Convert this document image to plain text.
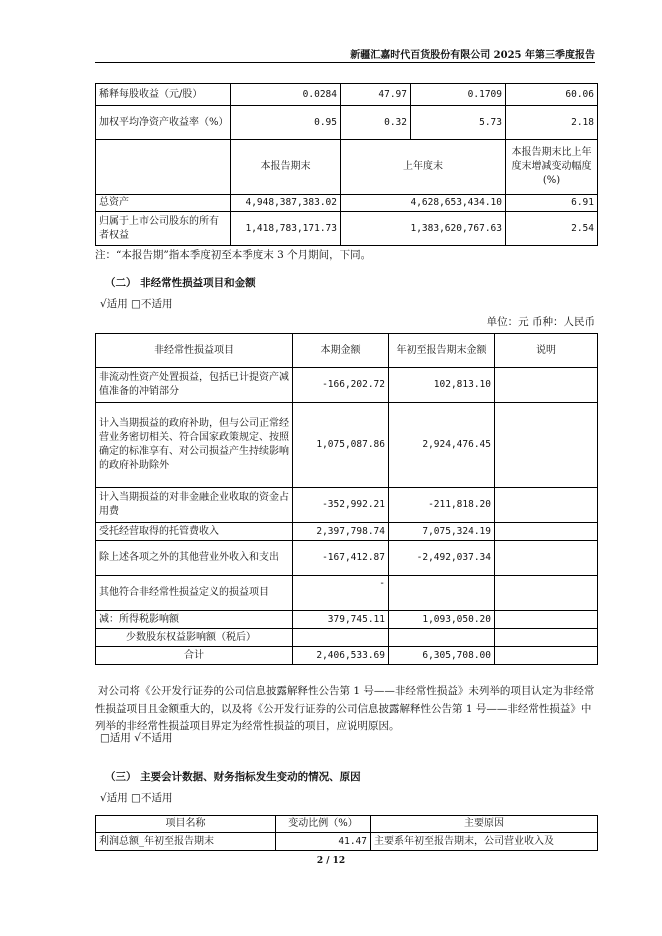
新疆汇嘉时代百货股份有限公司 2025 年第三季度报告
稀释每股收益（元/股）	0.0284	47.97	0.1709	60.06
加权平均净资产收益率（%）	0.95	0.32	5.73	2.18
	本报告期末	上年度末		本报告期末比上年度末增减变动幅度(%)
总资产	4,948,387,383.02	4,628,653,434.10		6.91
归属于上市公司股东的所有者权益	1,418,783,171.73	1,383,620,767.63		2.54
注：“本报告期”指本季度初至本季度末 3 个月期间，下同。
（二） 非经常性损益项目和金额
√适用 □不适用
单位：元 币种：人民币
非经常性损益项目	本期金额	年初至报告期末金额	说明
非流动性资产处置损益，包括已计提资产减值准备的冲销部分	-166,202.72	102,813.10	
计入当期损益的政府补助，但与公司正常经营业务密切相关、符合国家政策规定、按照确定的标准享有、对公司损益产生持续影响的政府补助除外	1,075,087.86	2,924,476.45	
计入当期损益的对非金融企业收取的资金占用费	-352,992.21	-211,818.20	
受托经营取得的托管费收入	2,397,798.74	7,075,324.19	
除上述各项之外的其他营业外收入和支出	-167,412.87	-2,492,037.34	
其他符合非经常性损益定义的损益项目	-		
减：所得税影响额	379,745.11	1,093,050.20	
少数股东权益影响额（税后）			
合计	2,406,533.69	6,305,708.00	
对公司将《公开发行证券的公司信息披露解释性公告第 1 号——非经常性损益》未列举的项目认定为非经常性损益项目且金额重大的，以及将《公开发行证券的公司信息披露解释性公告第 1 号——非经常性损益》中列举的非经常性损益项目界定为经常性损益的项目，应说明原因。
□适用 √不适用
（三） 主要会计数据、财务指标发生变动的情况、原因
√适用 □不适用
项目名称	变动比例（%）	主要原因
利润总额_年初至报告期末	41.47	主要系年初至报告期末，公司营业收入及
2 / 12
